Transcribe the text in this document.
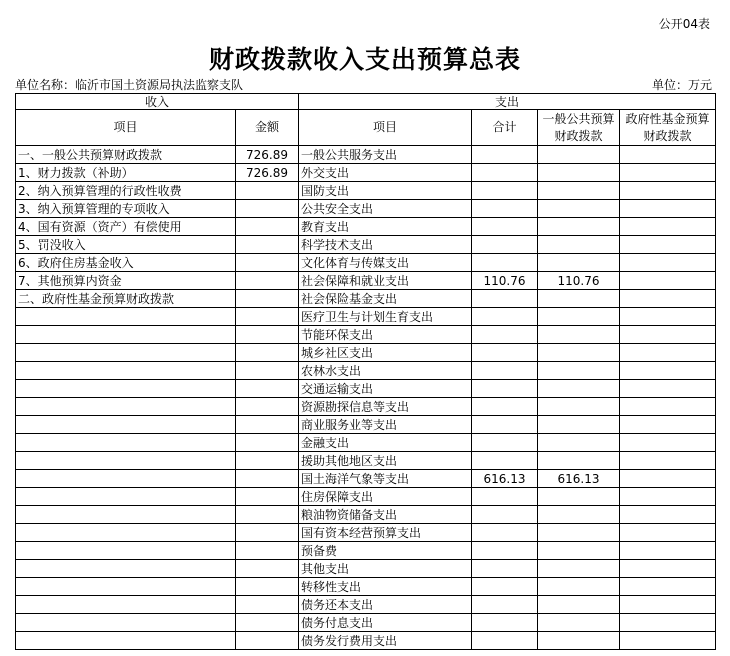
公开04表
财政拨款收入支出预算总表
单位名称：临沂市国土资源局执法监察支队	单位：万元
收入		支出			
项目	金额	项目	合计	一般公共预算财政拨款	政府性基金预算财政拨款
一、一般公共预算财政拨款	726.89	一般公共服务支出			
1、财力拨款（补助）	726.89	外交支出			
2、纳入预算管理的行政性收费		国防支出			
3、纳入预算管理的专项收入		公共安全支出			
4、国有资源（资产）有偿使用		教育支出			
5、罚没收入		科学技术支出			
6、政府住房基金收入		文化体育与传媒支出			
7、其他预算内资金		社会保障和就业支出	110.76	110.76	
二、政府性基金预算财政拨款		社会保险基金支出			
		医疗卫生与计划生育支出			
		节能环保支出			
		城乡社区支出			
		农林水支出			
		交通运输支出			
		资源勘探信息等支出			
		商业服务业等支出			
		金融支出			
		援助其他地区支出			
		国土海洋气象等支出	616.13	616.13	
		住房保障支出			
		粮油物资储备支出			
		国有资本经营预算支出			
		预备费			
		其他支出			
		转移性支出			
		债务还本支出			
		债务付息支出			
		债务发行费用支出			
